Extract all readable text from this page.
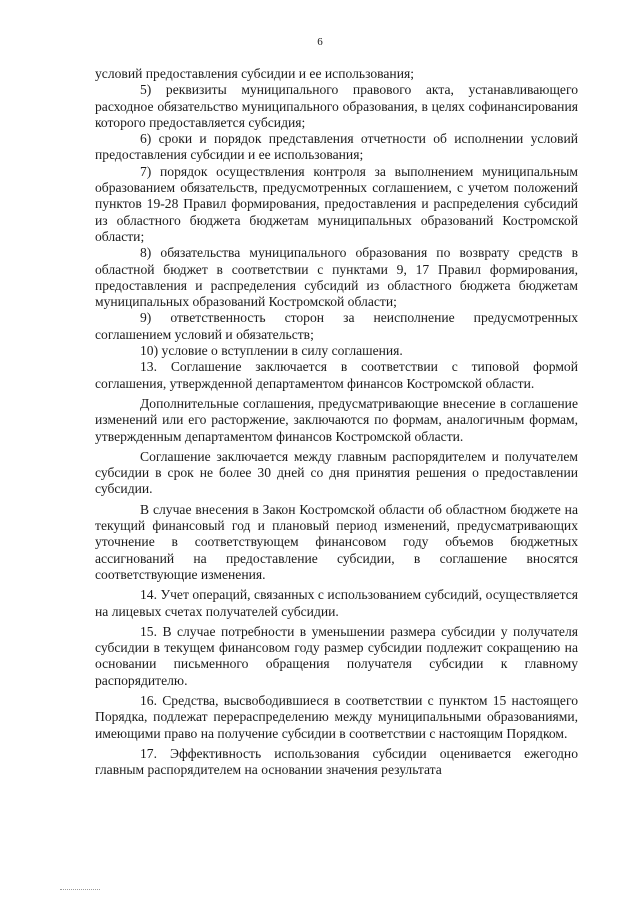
6

условий предоставления субсидии и ее использования;

5) реквизиты муниципального правового акта, устанавливающего расходное обязательство муниципального образования, в целях софинансирования которого предоставляется субсидия;

6) сроки и порядок представления отчетности об исполнении условий предоставления субсидии и ее использования;

7) порядок осуществления контроля за выполнением муниципальным образованием обязательств, предусмотренных соглашением, с учетом положений пунктов 19-28 Правил формирования, предоставления и распределения субсидий из областного бюджета бюджетам муниципальных образований Костромской области;

8) обязательства муниципального образования по возврату средств в областной бюджет в соответствии с пунктами 9, 17 Правил формирования, предоставления и распределения субсидий из областного бюджета бюджетам муниципальных образований Костромской области;

9) ответственность сторон за неисполнение предусмотренных соглашением условий и обязательств;

10) условие о вступлении в силу соглашения.

13. Соглашение заключается в соответствии с типовой формой соглашения, утвержденной департаментом финансов Костромской области.

Дополнительные соглашения, предусматривающие внесение в соглашение изменений или его расторжение, заключаются по формам, аналогичным формам, утвержденным департаментом финансов Костромской области.

Соглашение заключается между главным распорядителем и получателем субсидии в срок не более 30 дней со дня принятия решения о предоставлении субсидии.

В случае внесения в Закон Костромской области об областном бюджете на текущий финансовый год и плановый период изменений, предусматривающих уточнение в соответствующем финансовом году объемов бюджетных ассигнований на предоставление субсидии, в соглашение вносятся соответствующие изменения.

14. Учет операций, связанных с использованием субсидий, осуществляется на лицевых счетах получателей субсидии.

15. В случае потребности в уменьшении размера субсидии у получателя субсидии в текущем финансовом году размер субсидии подлежит сокращению на основании письменного обращения получателя субсидии к главному распорядителю.

16. Средства, высвободившиеся в соответствии с пунктом 15 настоящего Порядка, подлежат перераспределению между муниципальными образованиями, имеющими право на получение субсидии в соответствии с настоящим Порядком.

17. Эффективность использования субсидии оценивается ежегодно главным распорядителем на основании значения результата
